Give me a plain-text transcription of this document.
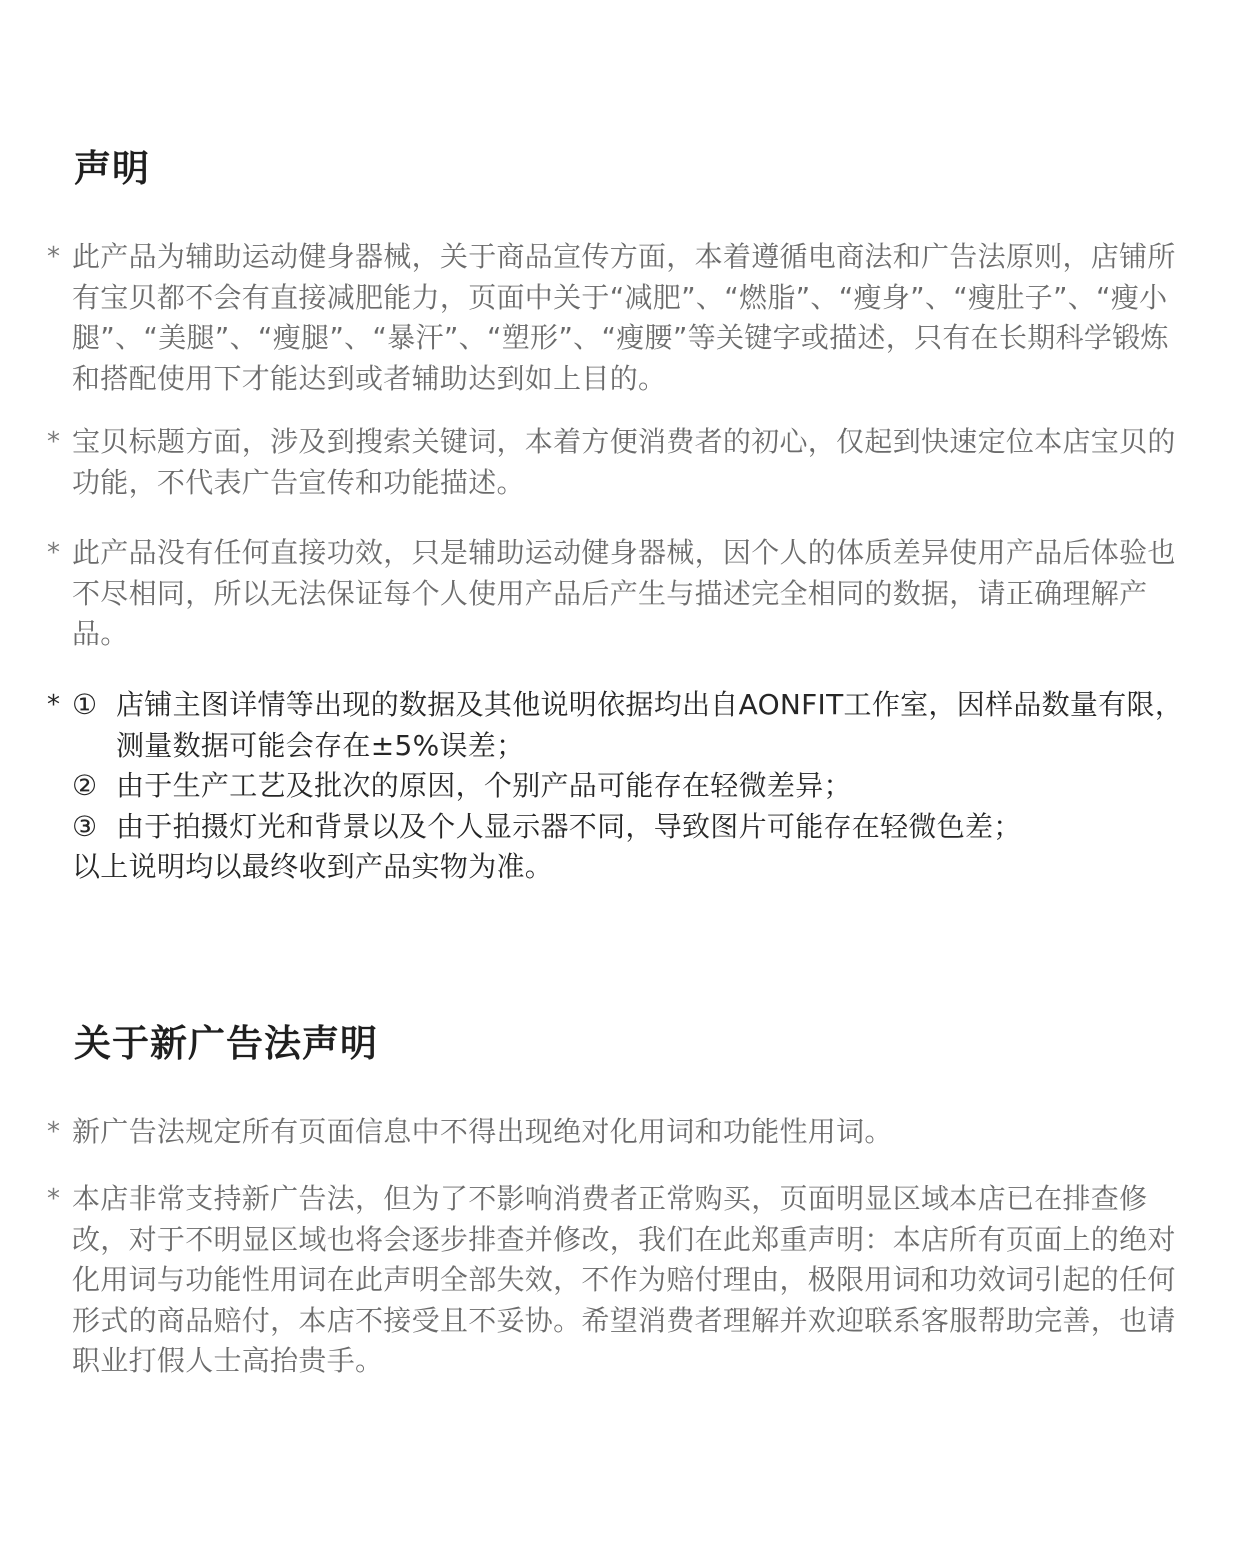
声明

* 此产品为辅助运动健身器械，关于商品宣传方面，本着遵循电商法和广告法原则，店铺所有宝贝都不会有直接减肥能力，页面中关于“减肥”、“燃脂”、“瘦身”、“瘦肚子”、“瘦小腿”、“美腿”、“瘦腿”、“暴汗”、“塑形”、“瘦腰”等关键字或描述，只有在长期科学锻炼和搭配使用下才能达到或者辅助达到如上目的。

* 宝贝标题方面，涉及到搜索关键词，本着方便消费者的初心，仅起到快速定位本店宝贝的功能，不代表广告宣传和功能描述。

* 此产品没有任何直接功效，只是辅助运动健身器械，因个人的体质差异使用产品后体验也不尽相同，所以无法保证每个人使用产品后产生与描述完全相同的数据，请正确理解产品。

* ① 店铺主图详情等出现的数据及其他说明依据均出自AONFIT工作室，因样品数量有限，测量数据可能会存在±5%误差；
② 由于生产工艺及批次的原因，个别产品可能存在轻微差异；
③ 由于拍摄灯光和背景以及个人显示器不同，导致图片可能存在轻微色差；
以上说明均以最终收到产品实物为准。
关于新广告法声明

* 新广告法规定所有页面信息中不得出现绝对化用词和功能性用词。

* 本店非常支持新广告法，但为了不影响消费者正常购买，页面明显区域本店已在排查修改，对于不明显区域也将会逐步排查并修改，我们在此郑重声明：本店所有页面上的绝对化用词与功能性用词在此声明全部失效，不作为赔付理由，极限用词和功效词引起的任何形式的商品赔付，本店不接受且不妥协。希望消费者理解并欢迎联系客服帮助完善，也请职业打假人士高抬贵手。
